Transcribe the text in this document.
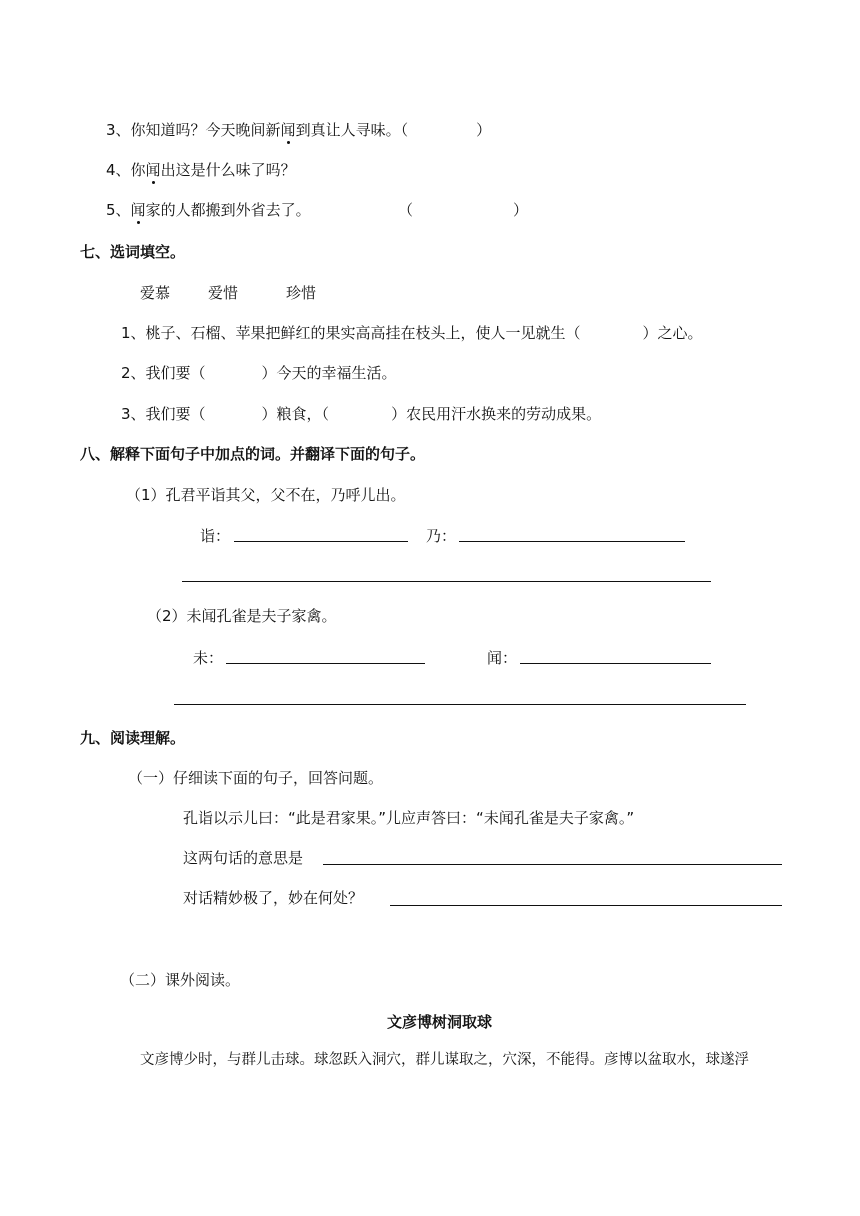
3、你知道吗？今天晚间新闻到真让人寻味。（	）
4、你闻出这是什么味了吗？
5、闻家的人都搬到外省去了。	（	）
七、选词填空。
爱慕	爱惜	珍惜
1、桃子、石榴、苹果把鲜红的果实高高挂在枝头上，使人一见就生（	）之心。
2、我们要（	）今天的幸福生活。
3、我们要（	）粮食，（	）农民用汗水换来的劳动成果。
八、解释下面句子中加点的词。并翻译下面的句子。
（1）孔君平诣其父，父不在，乃呼儿出。
诣：	乃：
（2）未闻孔雀是夫子家禽。
未：	闻：
九、阅读理解。
（一）仔细读下面的句子，回答问题。
孔诣以示儿曰：“此是君家果。”儿应声答曰：“未闻孔雀是夫子家禽。”
这两句话的意思是
对话精妙极了，妙在何处？
（二）课外阅读。
文彦博树洞取球
文彦博少时，与群儿击球。球忽跃入洞穴，群儿谋取之，穴深，不能得。彦博以盆取水，球遂浮
